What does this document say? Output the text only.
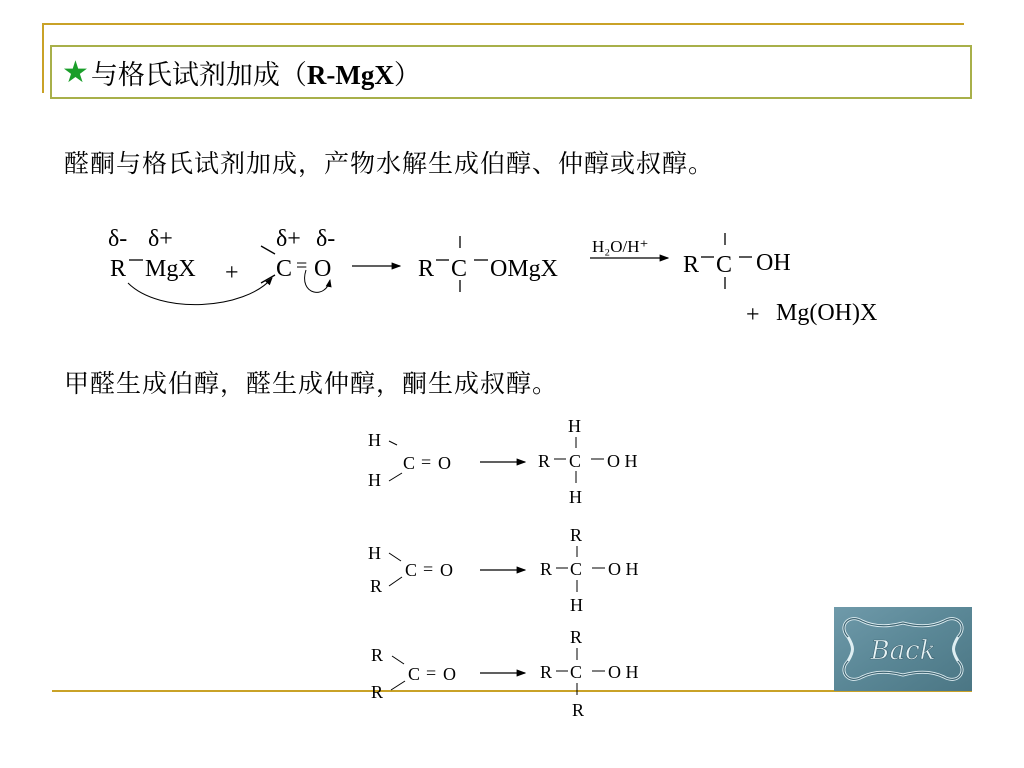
★ 与格氏试剂加成（R-MgX）
醛酮与格氏试剂加成，产物水解生成伯醇、仲醇或叔醇。
甲醛生成伯醇，醛生成仲醇，酮生成叔醇。
δ- δ+
R MgX +
δ+ δ-
C = O	R C OMgX
H₂O/H⁺
R C OH
+ Mg(OH)X
H
H
C = O
H
R C O H
H
H
R
C = O
R
R C O H
H
R
R
C = O
R
R C O H
R
Back
